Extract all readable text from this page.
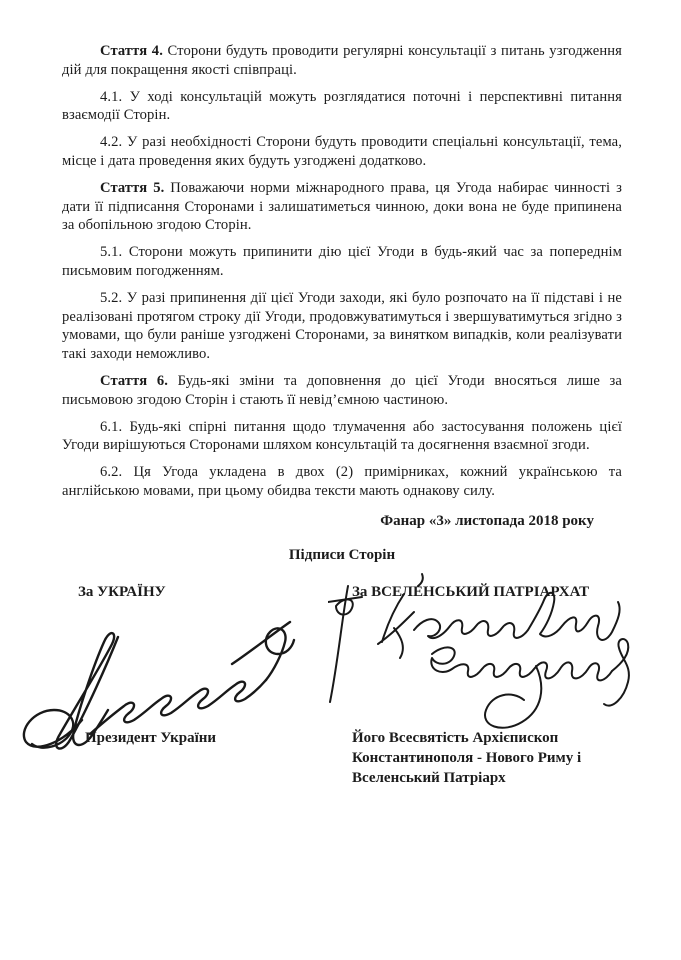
Стаття 4. Сторони будуть проводити регулярні консультації з питань узгодження дій для покращення якості співпраці.

4.1. У ході консультацій можуть розглядатися поточні і перспективні питання взаємодії Сторін.

4.2. У разі необхідності Сторони будуть проводити спеціальні консультації, тема, місце і дата проведення яких будуть узгоджені додатково.

Стаття 5. Поважаючи норми міжнародного права, ця Угода набирає чинності з дати її підписання Сторонами і залишатиметься чинною, доки вона не буде припинена за обопільною згодою Сторін.

5.1. Сторони можуть припинити дію цієї Угоди в будь-який час за попереднім письмовим погодженням.

5.2. У разі припинення дії цієї Угоди заходи, які було розпочато на її підставі і не реалізовані протягом строку дії Угоди, продовжуватимуться і звершуватимуться згідно з умовами, що були раніше узгоджені Сторонами, за винятком випадків, коли реалізувати такі заходи неможливо.

Стаття 6. Будь-які зміни та доповнення до цієї Угоди вносяться лише за письмовою згодою Сторін і стають її невід’ємною частиною.

6.1. Будь-які спірні питання щодо тлумачення або застосування положень цієї Угоди вирішуються Сторонами шляхом консультацій та досягнення взаємної згоди.

6.2. Ця Угода укладена в двох (2) примірниках, кожний українською та англійською мовами, при цьому обидва тексти мають однакову силу.

Фанар «3» листопада 2018 року
Підписи Сторін
За УКРАЇНУ	За ВСЕЛЕНСЬКИЙ ПАТРІАРХАТ
Президент України	Його Всесвятість Архієпископ
Константинополя - Нового Риму і
Вселенський Патріарх
